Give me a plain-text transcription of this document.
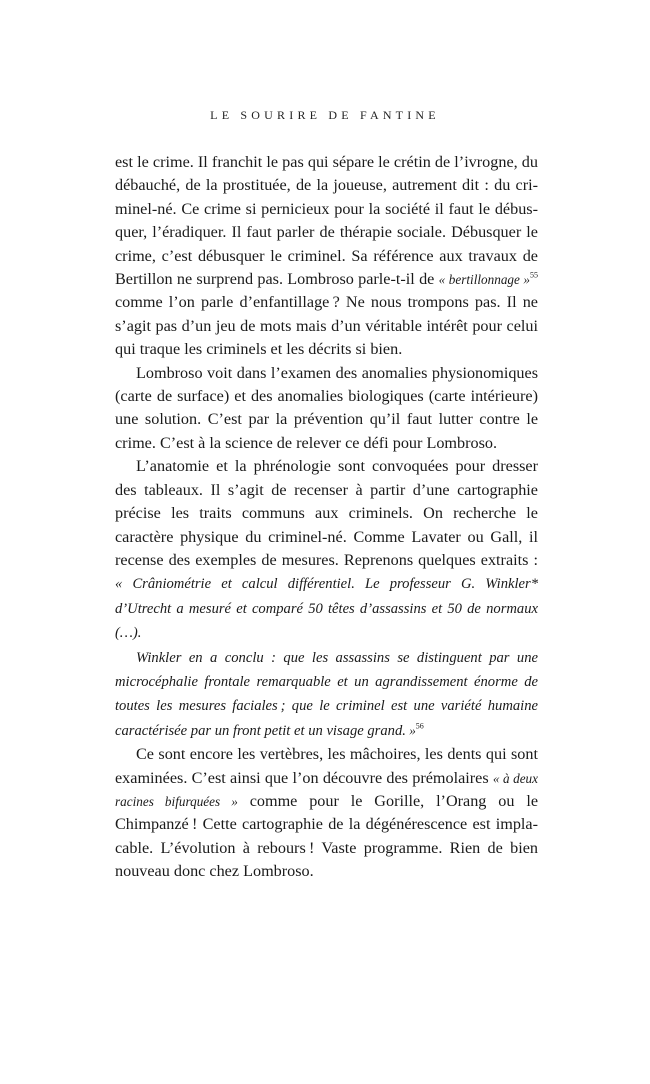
LE SOURIRE DE FANTINE

est le crime. Il franchit le pas qui sépare le crétin de l’ivrogne, du débauché, de la prostituée, de la joueuse, autrement dit : du criminel-né. Ce crime si pernicieux pour la société il faut le débusquer, l’éradiquer. Il faut parler de thérapie sociale. Débusquer le crime, c’est débusquer le criminel. Sa référence aux travaux de Bertillon ne surprend pas. Lombroso parle-t-il de « bertillonnage »$^{55}$ comme l’on parle d’enfantillage ? Ne nous trompons pas. Il ne s’agit pas d’un jeu de mots mais d’un véritable intérêt pour celui qui traque les criminels et les décrits si bien.

Lombroso voit dans l’examen des anomalies physionomiques (carte de surface) et des anomalies biologiques (carte intérieure) une solution. C’est par la prévention qu’il faut lutter contre le crime. C’est à la science de relever ce défi pour Lombroso.

L’anatomie et la phrénologie sont convoquées pour dresser des tableaux. Il s’agit de recenser à partir d’une cartographie précise les traits communs aux criminels. On recherche le caractère physique du criminel-né. Comme Lavater ou Gall, il recense des exemples de mesures. Reprenons quelques extraits : « Crâniométrie et calcul différentiel. Le professeur G. Winkler* d’Utrecht a mesuré et comparé 50 têtes d’assassins et 50 de normaux (…).

Winkler en a conclu : que les assassins se distinguent par une microcéphalie frontale remarquable et un agrandissement énorme de toutes les mesures faciales ; que le criminel est une variété humaine caractérisée par un front petit et un visage grand. »$^{56}$

Ce sont encore les vertèbres, les mâchoires, les dents qui sont examinées. C’est ainsi que l’on découvre des prémolaires « à deux racines bifurquées » comme pour le Gorille, l’Orang ou le Chimpanzé ! Cette cartographie de la dégénérescence est implacable. L’évolution à rebours ! Vaste programme. Rien de bien nouveau donc chez Lombroso.
